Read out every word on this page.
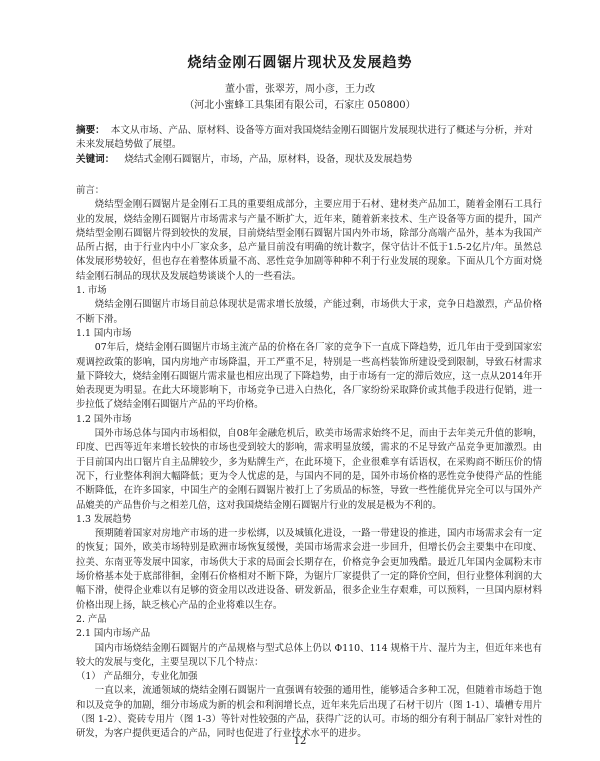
烧结金刚石圆锯片现状及发展趋势
董小雷，张翠芳，周小彦，王力改
（河北小蜜蜂工具集团有限公司，石家庄 050800）
摘要： 本文从市场、产品、原材料、设备等方面对我国烧结金刚石圆锯片发展现状进行了概述与分析，并对未来发展趋势做了展望。
关键词： 烧结式金刚石圆锯片，市场，产品，原材料，设备，现状及发展趋势

前言：

烧结型金刚石圆锯片是金刚石工具的重要组成部分，主要应用于石材、建材类产品加工，随着金刚石工具行业的发展，烧结金刚石圆锯片市场需求与产量不断扩大，近年来，随着新来技术、生产设备等方面的提升，国产烧结型金刚石圆锯片得到较快的发展，目前烧结型金刚石圆锯片国内外市场，除部分高端产品外，基本为我国产品所占据，由于行业内中小厂家众多，总产量目前没有明确的统计数字，保守估计不低于1.5-2亿片/年。虽然总体发展形势较好，但也存在着整体质量不高、恶性竞争加剧等种种不利于行业发展的现象。下面从几个方面对烧结金刚石制品的现状及发展趋势谈谈个人的一些看法。

1. 市场

烧结金刚石圆锯片市场目前总体现状是需求增长放缓，产能过剩，市场供大于求，竞争日趋激烈，产品价格不断下滑。

1.1 国内市场

07年后，烧结金刚石圆锯片市场主流产品的价格在各厂家的竞争下一直成下降趋势，近几年由于受到国家宏观调控政策的影响，国内房地产市场降温，开工严重不足，特别是一些高档装饰所建设受到限制，导致石材需求量下降较大，烧结金刚石圆锯片需求量也相应出现了下降趋势，由于市场有一定的滞后效应，这一点从2014年开始表现更为明显。在此大环境影响下，市场竞争已进入白热化，各厂家纷纷采取降价或其他手段进行促销，进一步拉低了烧结金刚石圆锯片产品的平均价格。

1.2 国外市场

国外市场总体与国内市场相似，自08年金融危机后，欧美市场需求始终不足，而由于去年美元升值的影响，印度、巴西等近年来增长较快的市场也受到较大的影响，需求明显放缓，需求的不足导致产品竞争更加激烈。由于目前国内出口锯片自主品牌较少，多为贴牌生产，在此环境下，企业很难享有话语权，在采购商不断压价的情况下，行业整体利润大幅降低；更为令人忧虑的是，与国内不同的是，国外市场价格的恶性竞争使得产品的性能不断降低，在许多国家，中国生产的金刚石圆锯片被打上了劣质品的标签，导致一些性能优异完全可以与国外产品媲美的产品售价与之相差几倍，这对我国烧结金刚石圆锯片行业的发展是极为不利的。

1.3 发展趋势

预期随着国家对房地产市场的进一步松绑，以及城镇化进设，一路一带建设的推进，国内市场需求会有一定的恢复；国外，欧美市场特别是欧洲市场恢复缓慢，美国市场需求会进一步回升，但增长仍会主要集中在印度、拉美、东南亚等发展中国家，市场供大于求的局面会长期存在，价格竞争会更加残酷。最近几年国内金属粉末市场价格基本处于底部徘徊，金刚石价格相对不断下降，为锯片厂家提供了一定的降价空间，但行业整体利润的大幅下滑，使得企业难以有足够的资金用以改进设备、研发新品，很多企业生存艰难，可以预料，一旦国内原材料价格出现上扬，缺乏核心产品的企业将难以生存。

2. 产品

2.1 国内市场产品

国内市场烧结金刚石圆锯片的产品规格与型式总体上仍以 Φ110、114 规格干片、湿片为主，但近年来也有较大的发展与变化，主要呈现以下几个特点：

（1） 产品细分，专业化加强

一直以来，流通领域的烧结金刚石圆锯片一直强调有较强的通用性，能够适合多种工况，但随着市场趋于饱和以及竞争的加剧，细分市场成为新的机会和利润增长点，近年来先后出现了石材干切片（图 1-1）、墙槽专用片（图 1-2）、瓷砖专用片（图 1-3）等针对性较强的产品，获得广泛的认可。市场的细分有利于制品厂家针对性的研发，为客户提供更适合的产品，同时也促进了行业技术水平的进步。

12
